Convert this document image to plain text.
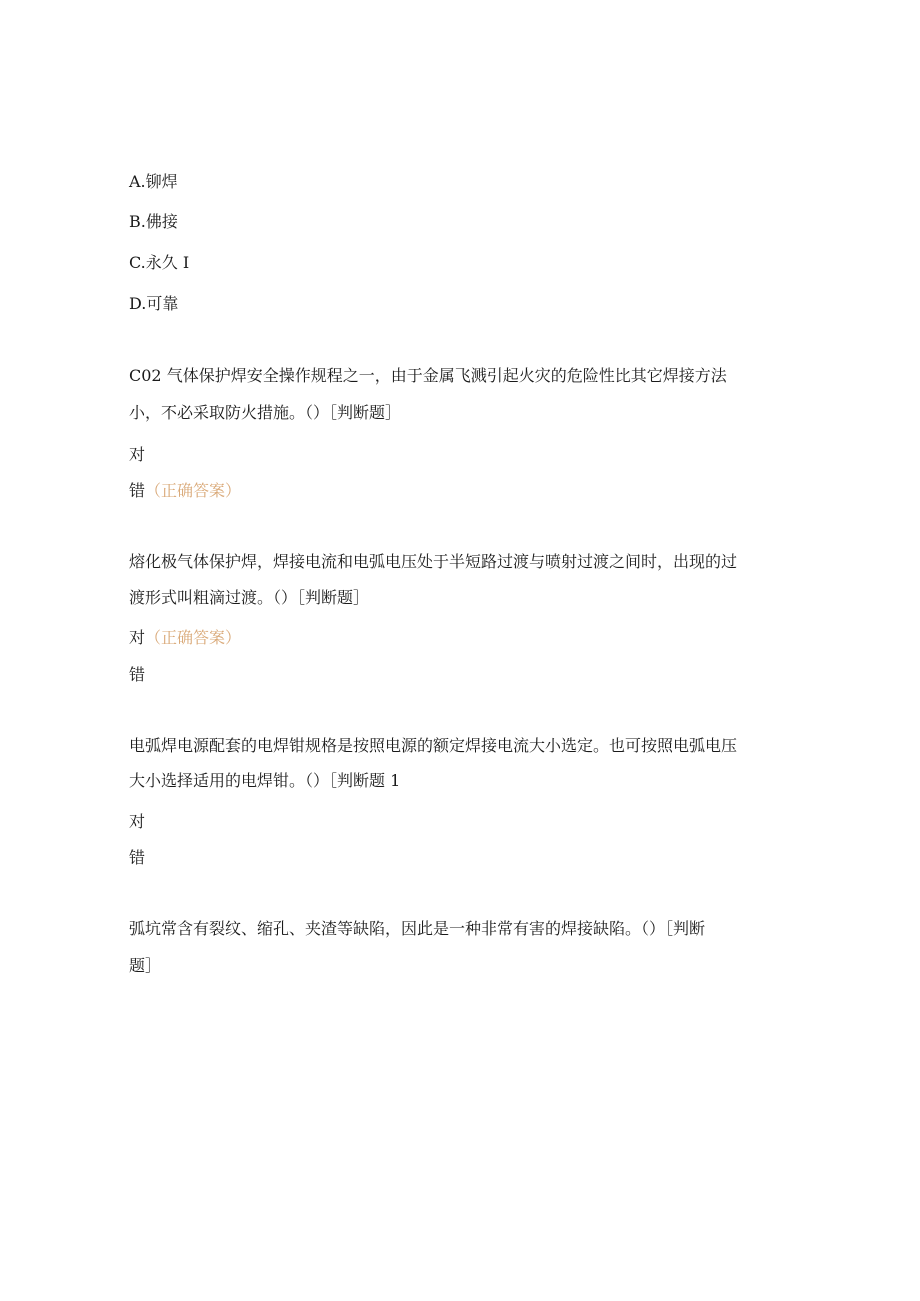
A.铆焊
B.佛接
C.永久 I
D.可靠
C02 气体保护焊安全操作规程之一，由于金属飞溅引起火灾的危险性比其它焊接方法
小，不必采取防火措施。（）［判断题］
对
错（正确答案）
熔化极气体保护焊，焊接电流和电弧电压处于半短路过渡与喷射过渡之间时，出现的过
渡形式叫粗滴过渡。（）［判断题］
对（正确答案）
错
电弧焊电源配套的电焊钳规格是按照电源的额定焊接电流大小选定。也可按照电弧电压
大小选择适用的电焊钳。（）［判断题 1
对
错
弧坑常含有裂纹、缩孔、夹渣等缺陷，因此是一种非常有害的焊接缺陷。（）［判断
题］
